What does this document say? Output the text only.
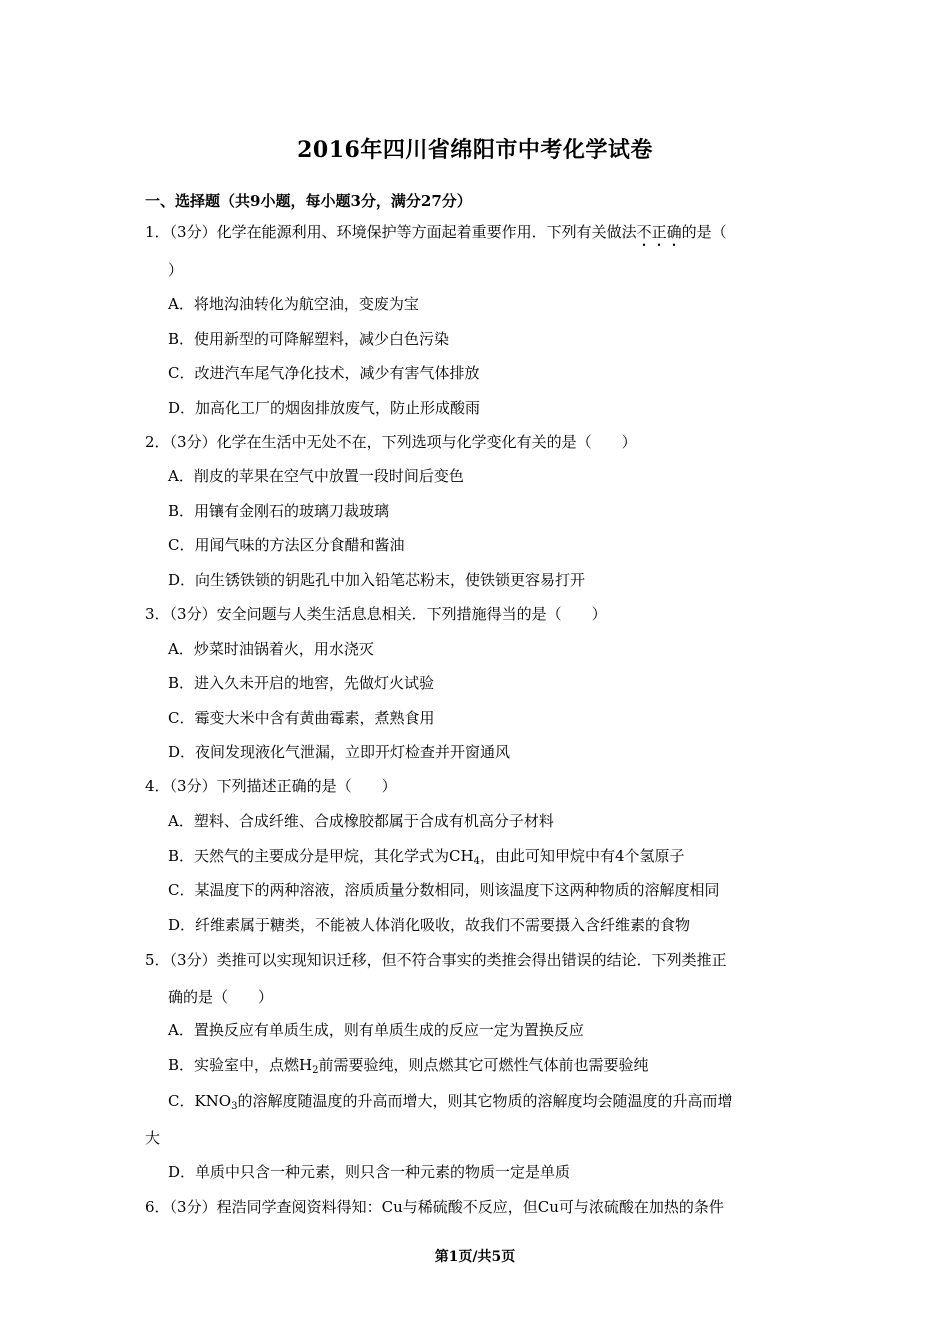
2016年四川省绵阳市中考化学试卷
一、选择题（共9小题，每小题3分，满分27分）
1．（3分）化学在能源利用、环境保护等方面起着重要作用．下列有关做法不正确的是（
）
A．将地沟油转化为航空油，变废为宝
B．使用新型的可降解塑料，减少白色污染
C．改进汽车尾气净化技术，减少有害气体排放
D．加高化工厂的烟囱排放废气，防止形成酸雨
2．（3分）化学在生活中无处不在，下列选项与化学变化有关的是（　　）
A．削皮的苹果在空气中放置一段时间后变色
B．用镶有金刚石的玻璃刀裁玻璃
C．用闻气味的方法区分食醋和酱油
D．向生锈铁锁的钥匙孔中加入铅笔芯粉末，使铁锁更容易打开
3．（3分）安全问题与人类生活息息相关．下列措施得当的是（　　）
A．炒菜时油锅着火，用水浇灭
B．进入久未开启的地窖，先做灯火试验
C．霉变大米中含有黄曲霉素，煮熟食用
D．夜间发现液化气泄漏，立即开灯检查并开窗通风
4．（3分）下列描述正确的是（　　）
A．塑料、合成纤维、合成橡胶都属于合成有机高分子材料
B．天然气的主要成分是甲烷，其化学式为$CH_4$，由此可知甲烷中有4个氢原子
C．某温度下的两种溶液，溶质质量分数相同，则该温度下这两种物质的溶解度相同
D．纤维素属于糖类，不能被人体消化吸收，故我们不需要摄入含纤维素的食物
5．（3分）类推可以实现知识迁移，但不符合事实的类推会得出错误的结论．下列类推正
确的是（　　）
A．置换反应有单质生成，则有单质生成的反应一定为置换反应
B．实验室中，点燃$H_2$前需要验纯，则点燃其它可燃性气体前也需要验纯
C．$KNO_3$的溶解度随温度的升高而增大，则其它物质的溶解度均会随温度的升高而增
大
D．单质中只含一种元素，则只含一种元素的物质一定是单质
6．（3分）程浩同学查阅资料得知：Cu与稀硫酸不反应，但Cu可与浓硫酸在加热的条件
第1页/共5页
